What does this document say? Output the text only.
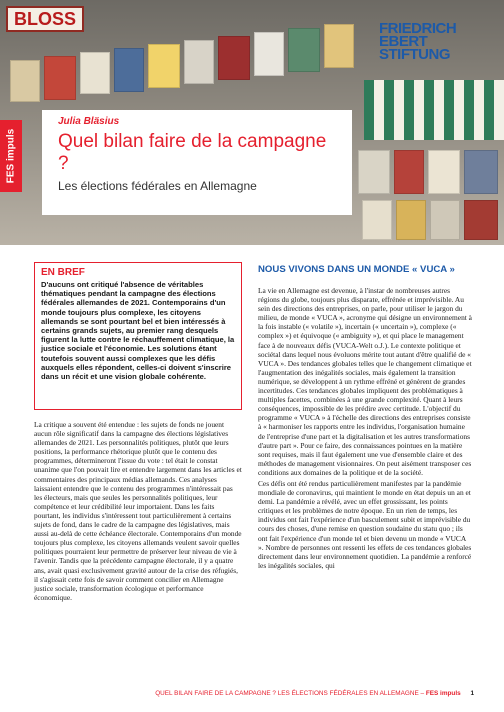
BLOSS	FRIEDRICH
EBERT
STIFTUNG
FES impuls
Julia Bläsius
Quel bilan faire de la campagne ?
Les élections fédérales en Allemagne
EN BREF

D'aucuns ont critiqué l'absence de véritables thématiques pendant la campagne des élections fédérales allemandes de 2021. Contemporains d'un monde toujours plus complexe, les citoyens allemands se sont pourtant bel et bien intéressés à certains grands sujets, au premier rang desquels figurent la lutte contre le réchauffement climatique, la justice sociale et l'économie. Les solutions étant toutefois souvent aussi complexes que les défis auxquels elles répondent, celles-ci doivent s'inscrire dans un récit et une vision globale cohérente.

La critique a souvent été entendue : les sujets de fonds ne jouent aucun rôle significatif dans la campagne des élections législatives allemandes de 2021. Les personnalités politiques, plutôt que leurs positions, la performance rhétorique plutôt que le contenu des programmes, détermineront l'issue du vote : tel était le constat unanime que l'on pouvait lire et entendre largement dans les articles et commentaires des principaux médias allemands. Ces analyses laissaient entendre que le contenu des programmes n'intéressait pas les électeurs, mais que seules les personnalités politiques, leur compétence et leur crédibilité leur importaient. Dans les faits pourtant, les individus s'intéressent tout particulièrement à certains sujets de fond, dans le cadre de la campagne des législatives, mais aussi au-delà de cette échéance électorale. Contemporains d'un monde toujours plus complexe, les citoyens allemands veulent savoir quelles politiques pourraient leur permettre de préserver leur niveau de vie à l'avenir. Tandis que la précédente campagne électorale, il y a quatre ans, avait quasi exclusivement gravité autour de la crise des réfugiés, il s'agissait cette fois de savoir comment concilier en Allemagne justice sociale, transformation écologique et performance économique.
NOUS VIVONS DANS UN MONDE « VUCA »

La vie en Allemagne est devenue, à l'instar de nombreuses autres régions du globe, toujours plus disparate, effrénée et imprévisible. Au sein des directions des entreprises, on parle, pour utiliser le jargon du milieu, de monde « VUCA », acronyme qui désigne un environnement à la fois instable (« volatile »), incertain (« uncertain »), complexe (« complex ») et équivoque (« ambiguity »), et qui place le management face à de nouveaux défis (VUCA-Welt o.J.). Le contexte politique et sociétal dans lequel nous évoluons mérite tout autant d'être qualifié de « VUCA ». Des tendances globales telles que le changement climatique et l'augmentation des inégalités sociales, mais également la transition numérique, se développent à un rythme effréné et génèrent de grandes incertitudes. Ces tendances globales impliquent des problématiques à multiples facettes, combinées à une grande complexité. Quant à leurs conséquences, impossible de les prédire avec certitude. L'objectif du programme « VUCA » à l'échelle des directions des entreprises consiste à « harmoniser les rapports entre les individus, l'organisation humaine de l'entreprise d'une part et la digitalisation et les autres transformations d'autre part ». Pour ce faire, des connaissances pointues en la matière sont requises, mais il faut également une vue d'ensemble claire et des méthodes de management visionnaires. On peut aisément transposer ces conditions aux domaines de la politique et de la société.

Ces défis ont été rendus particulièrement manifestes par la pandémie mondiale de coronavirus, qui maintient le monde en état depuis un an et demi. La pandémie a révélé, avec un effet grossissant, les points critiques et les problèmes de notre époque. En un rien de temps, les individus ont fait l'expérience d'un basculement subit et imprévisible du cours des choses, d'une remise en question soudaine du statu quo ; ils ont fait l'expérience d'un monde tel et bien devenu un monde « VUCA ». Nombre de personnes ont ressenti les effets de ces tendances globales directement dans leur environnement quotidien. La pandémie a renforcé les inégalités sociales, qui

QUEL BILAN FAIRE DE LA CAMPAGNE ? LES ÉLECTIONS FÉDÉRALES EN ALLEMAGNE – FES impuls 1
